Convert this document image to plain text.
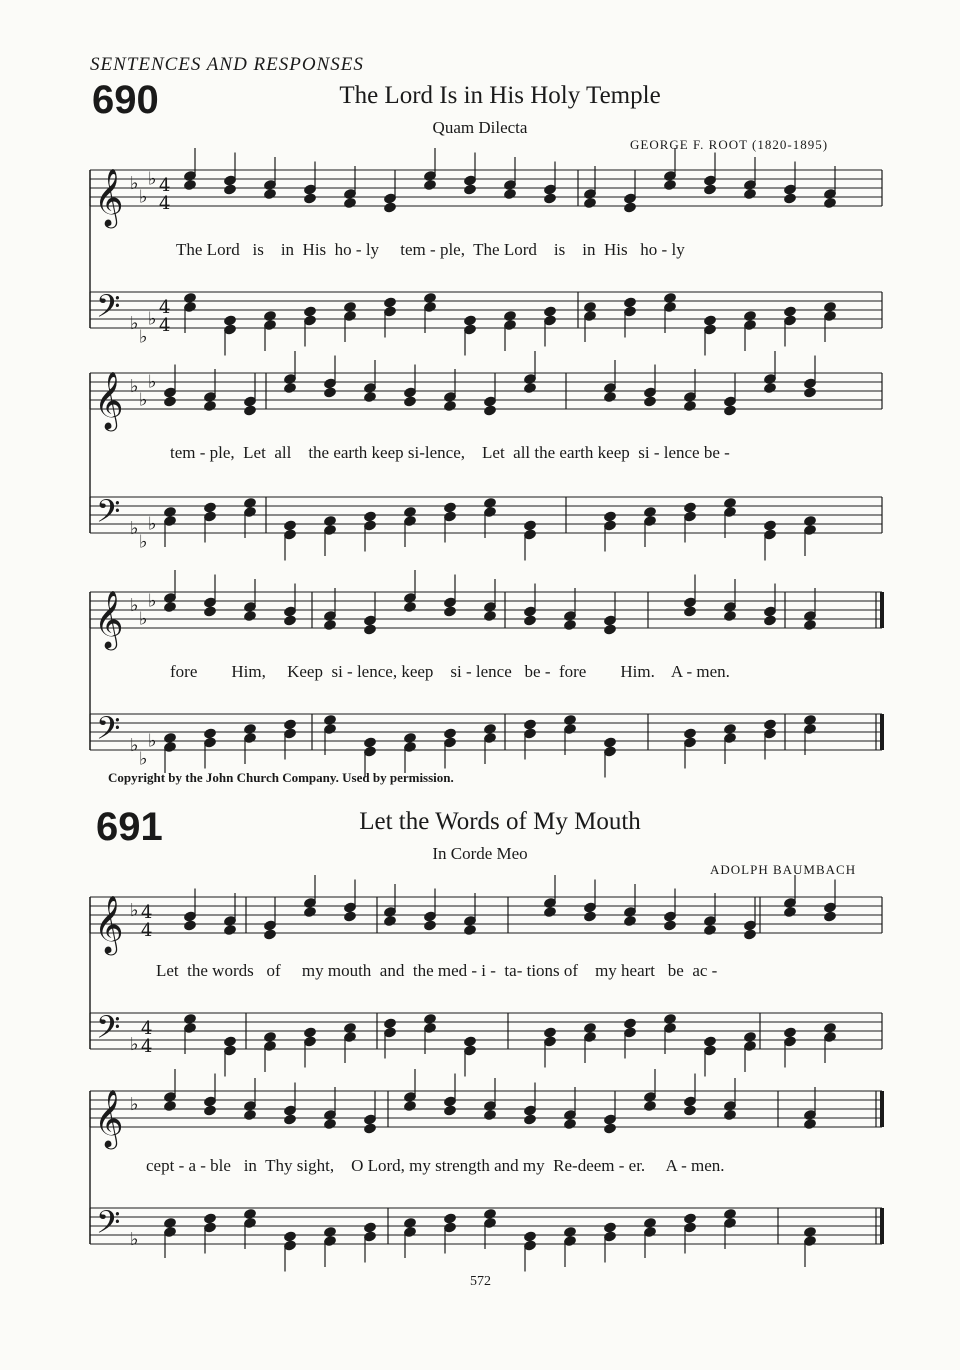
𝄞 ♭
♭
♭ 4
4
𝄢 ♭
♭
♭
4
4
𝄞 ♭
♭
♭
𝄢 ♭
♭
♭
𝄞 ♭
♭
♭
𝄢 ♭
♭
♭
𝄞 ♭ 4
4
𝄢 ♭
4
4
𝄞 ♭
𝄢 ♭
SENTENCES AND RESPONSES
690	The Lord Is in His Holy Temple
Quam Dilecta
GEORGE F. ROOT (1820-1895)
The Lord   is    in  His  ho - ly     tem - ple,  The Lord    is    in  His   ho - ly
tem - ple,  Let  all    the earth keep si-lence,    Let  all the earth keep  si - lence be -
fore        Him,     Keep  si - lence, keep    si - lence   be -  fore        Him.    A - men.
Copyright by the John Church Company. Used by permission.
691	Let the Words of My Mouth
In Corde Meo
ADOLPH BAUMBACH
Let  the words   of     my mouth  and  the med - i -  ta- tions of    my heart   be  ac -
cept - a - ble   in  Thy sight,    O Lord, my strength and my  Re-deem - er.     A - men.
572
